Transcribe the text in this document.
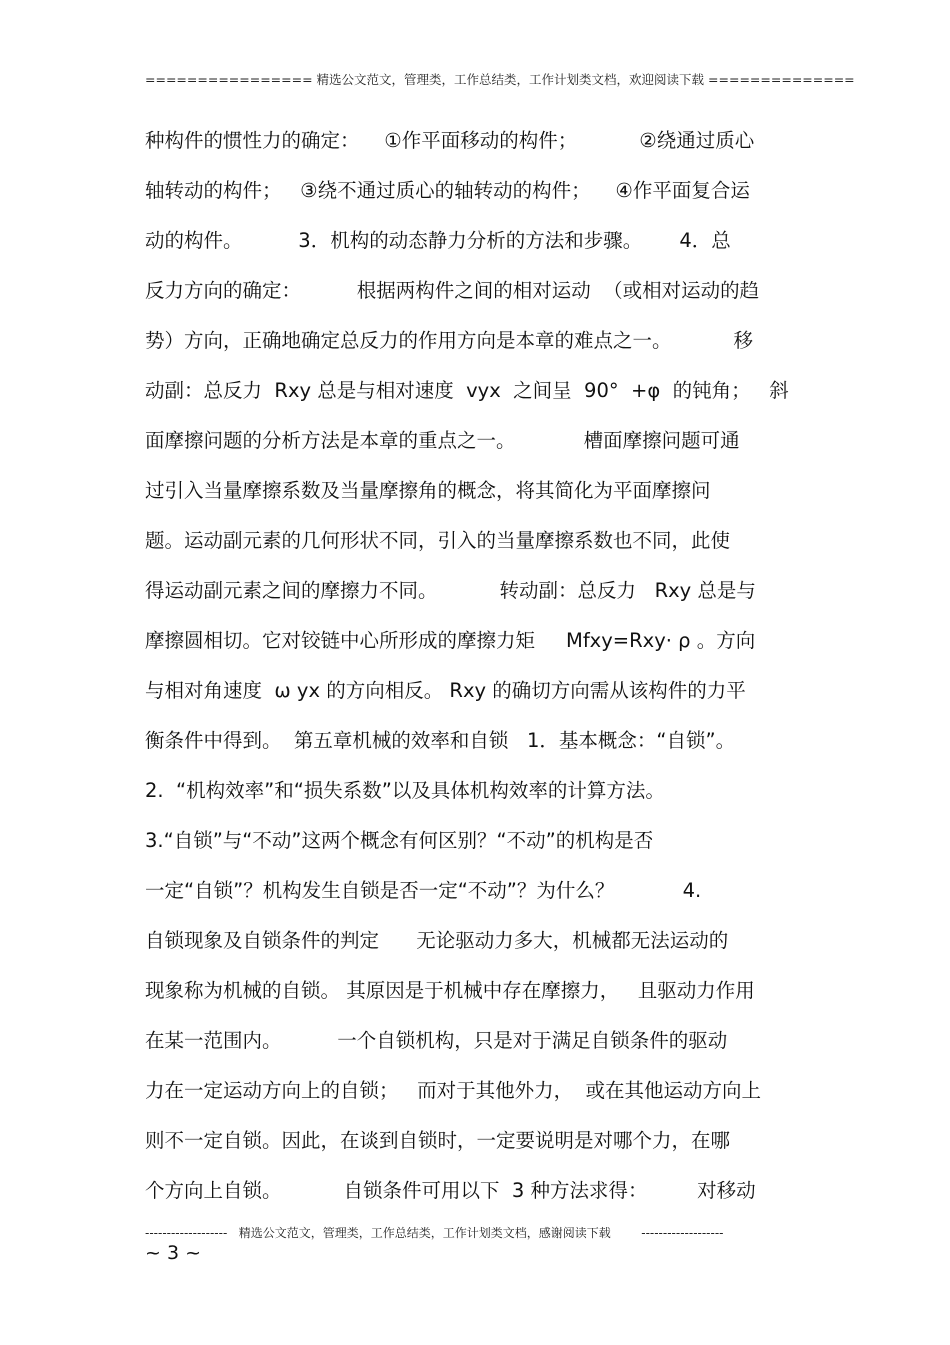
================ 精选公文范文，管理类，工作总结类，工作计划类文档，欢迎阅读下载 ==============
种构件的惯性力的确定：    ①作平面移动的构件；          ②绕通过质心
轴转动的构件；   ③绕不通过质心的轴转动的构件；    ④作平面复合运
动的构件。         3．机构的动态静力分析的方法和步骤。      4．总
反力方向的确定：         根据两构件之间的相对运动  （或相对运动的趋
势）方向，正确地确定总反力的作用方向是本章的难点之一。          移
动副：总反力  Rxy 总是与相对速度  vyx  之间呈  90°  +φ  的钝角；   斜
面摩擦问题的分析方法是本章的重点之一。           槽面摩擦问题可通
过引入当量摩擦系数及当量摩擦角的概念，将其简化为平面摩擦问
题。运动副元素的几何形状不同，引入的当量摩擦系数也不同，此使
得运动副元素之间的摩擦力不同。          转动副：总反力   Rxy 总是与
摩擦圆相切。它对铰链中心所形成的摩擦力矩     Mfxy=Rxy· ρ 。方向
与相对角速度  ω yx 的方向相反。 Rxy 的确切方向需从该构件的力平
衡条件中得到。  第五章机械的效率和自锁   1．基本概念：“自锁”。
2.  “机构效率”和“损失系数”以及具体机构效率的计算方法。
3.“自锁”与“不动”这两个概念有何区别？“不动”的机构是否
一定“自锁”？机构发生自锁是否一定“不动”？为什么？           4.
自锁现象及自锁条件的判定      无论驱动力多大，机械都无法运动的
现象称为机械的自锁。 其原因是于机械中存在摩擦力，   且驱动力作用
在某一范围内。         一个自锁机构，只是对于满足自锁条件的驱动
力在一定运动方向上的自锁；   而对于其他外力，  或在其他运动方向上
则不一定自锁。因此，在谈到自锁时，一定要说明是对哪个力，在哪
个方向上自锁。          自锁条件可用以下  3 种方法求得：        对移动
-------------------   精选公文范文，管理类，工作总结类，工作计划类文档，感谢阅读下载        -------------------
~ 3 ~
